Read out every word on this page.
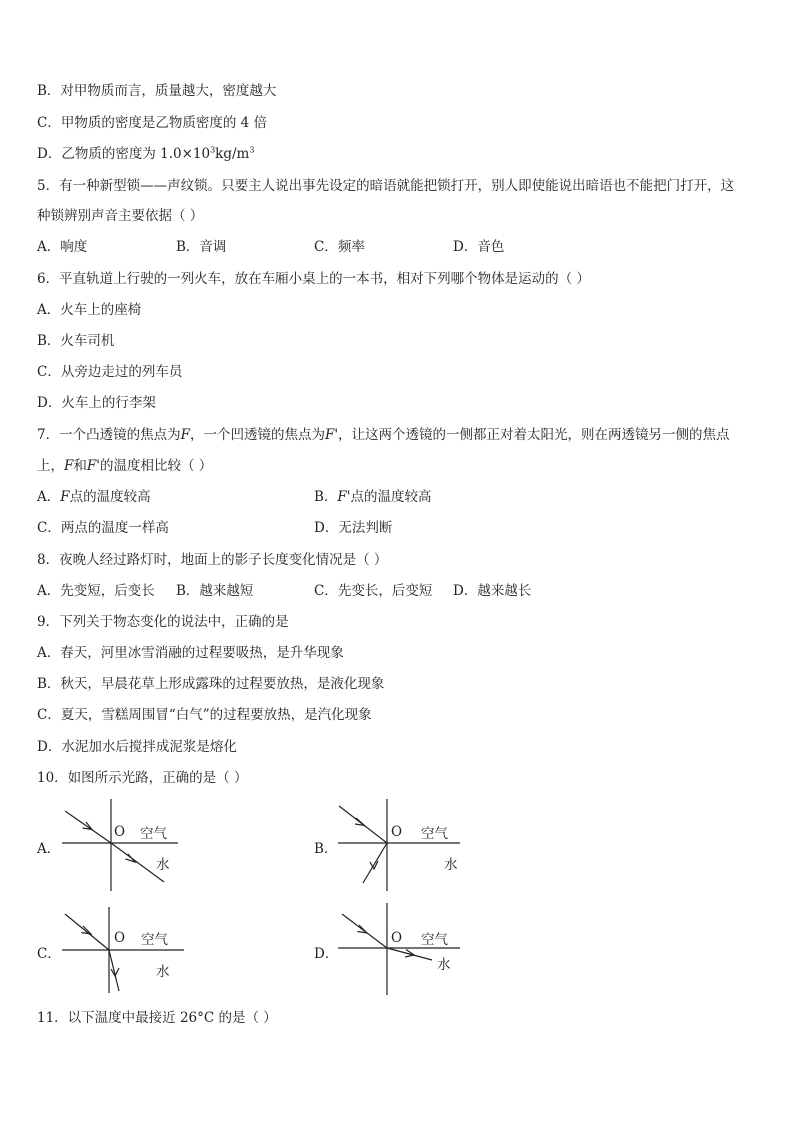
B．对甲物质而言，质量越大，密度越大
C．甲物质的密度是乙物质密度的 4 倍
D．乙物质的密度为 $1.0\times 10^3kg/m^3$
5．有一种新型锁——声纹锁。只要主人说出事先设定的暗语就能把锁打开，别人即使能说出暗语也不能把门打开，这
种锁辨别声音主要依据（ ）
A．响度	B．音调	C．频率	D．音色
6．平直轨道上行驶的一列火车，放在车厢小桌上的一本书，相对下列哪个物体是运动的（ ）
A．火车上的座椅
B．火车司机
C．从旁边走过的列车员
D．火车上的行李架
7．一个凸透镜的焦点为F，一个凹透镜的焦点为F'，让这两个透镜的一侧都正对着太阳光，则在两透镜另一侧的焦点
上，F和F'的温度相比较（ ）
A．F点的温度较高	B．F'点的温度较高
C．两点的温度一样高	D．无法判断
8．夜晚人经过路灯时，地面上的影子长度变化情况是（ ）
A．先变短，后变长 B．越来越短	C．先变长，后变短 D．越来越长
9．下列关于物态变化的说法中，正确的是
A．春天，河里冰雪消融的过程要吸热，是升华现象
B．秋天，早晨花草上形成露珠的过程要放热，是液化现象
C．夏天，雪糕周围冒“白气”的过程要放热，是汽化现象
D．水泥加水后搅拌成泥浆是熔化
10．如图所示光路，正确的是（ ）
A．
O 空气
水
B．
O 空气
水
C．
O 空气
水
D．
O 空气
水
11．以下温度中最接近 26°C 的是（ ）
